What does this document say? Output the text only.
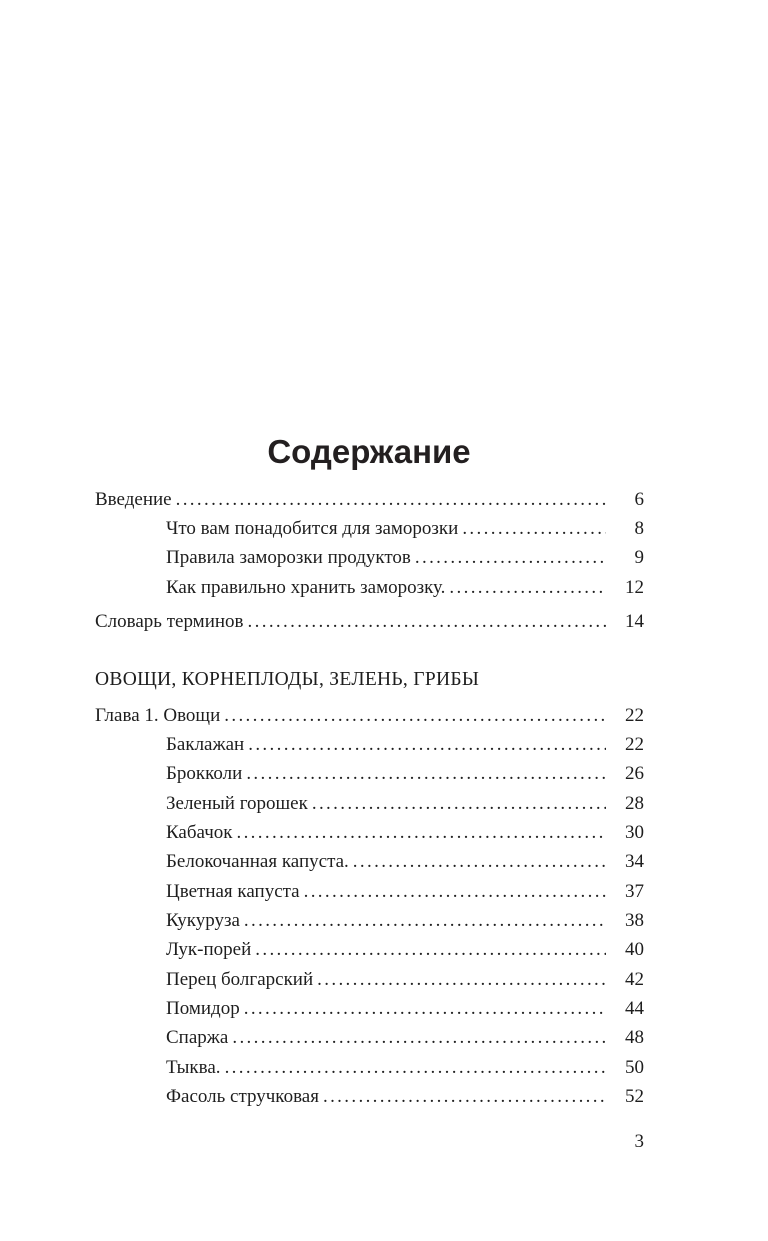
Содержание
Введение . . .	6
Что вам понадобится для заморозки . . .	8
Правила заморозки продуктов . . .	9
Как правильно хранить заморозку. . . .	12
Словарь терминов . . .	14
ОВОЩИ, КОРНЕПЛОДЫ, ЗЕЛЕНЬ, ГРИБЫ
Глава 1. Овощи . . .	22
Баклажан . . .	22
Брокколи . . .	26
Зеленый горошек . . .	28
Кабачок . . .	30
Белокочанная капуста. . . .	34
Цветная капуста . . .	37
Кукуруза . . .	38
Лук-порей . . .	40
Перец болгарский . . .	42
Помидор . . .	44
Спаржа . . .	48
Тыква. . . .	50
Фасоль стручковая . . .	52
3
